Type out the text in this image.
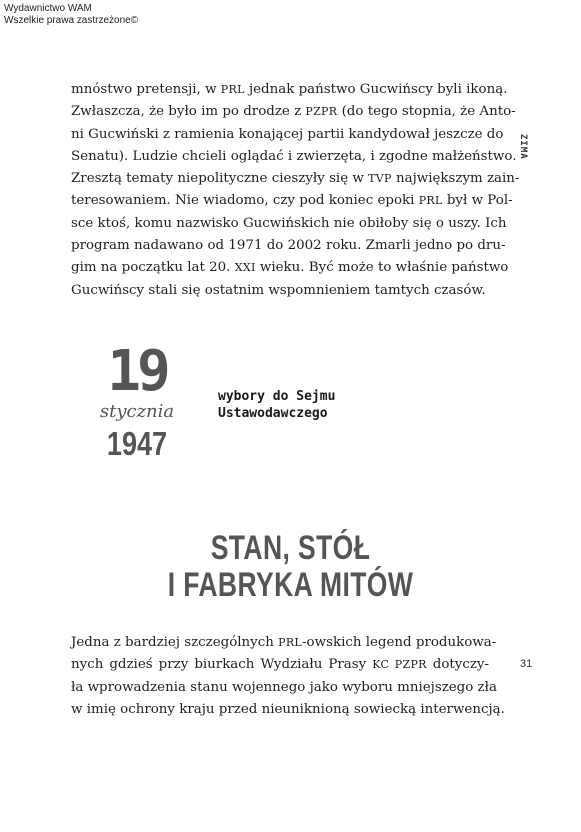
Wydawnictwo WAM
Wszelkie prawa zastrzeżone©
ZIMA
mnóstwo pretensji, w PRL jednak państwo Gucwińscy byli ikoną.
Zwłaszcza, że było im po drodze z PZPR (do tego stopnia, że Anto-
ni Gucwiński z ramienia konającej partii kandydował jeszcze do
Senatu). Ludzie chcieli oglądać i zwierzęta, i zgodne małżeństwo.
Zresztą tematy niepolityczne cieszyły się w TVP największym zain-
teresowaniem. Nie wiadomo, czy pod koniec epoki PRL był w Pol-
sce ktoś, komu nazwisko Gucwińskich nie obiłoby się o uszy. Ich
program nadawano od 1971 do 2002 roku. Zmarli jedno po dru-
gim na początku lat 20. XXI wieku. Być może to właśnie państwo
Gucwińscy stali się ostatnim wspomnieniem tamtych czasów.
19
stycznia
1947
wybory do Sejmu
Ustawodawczego
STAN, STÓŁ
I FABRYKA MITÓW
Jedna z bardziej szczególnych PRL-owskich legend produkowa-
nych gdzieś przy biurkach Wydziału Prasy KC PZPR dotyczy-
ła wprowadzenia stanu wojennego jako wyboru mniejszego zła
w imię ochrony kraju przed nieuniknioną sowiecką interwencją.
31
